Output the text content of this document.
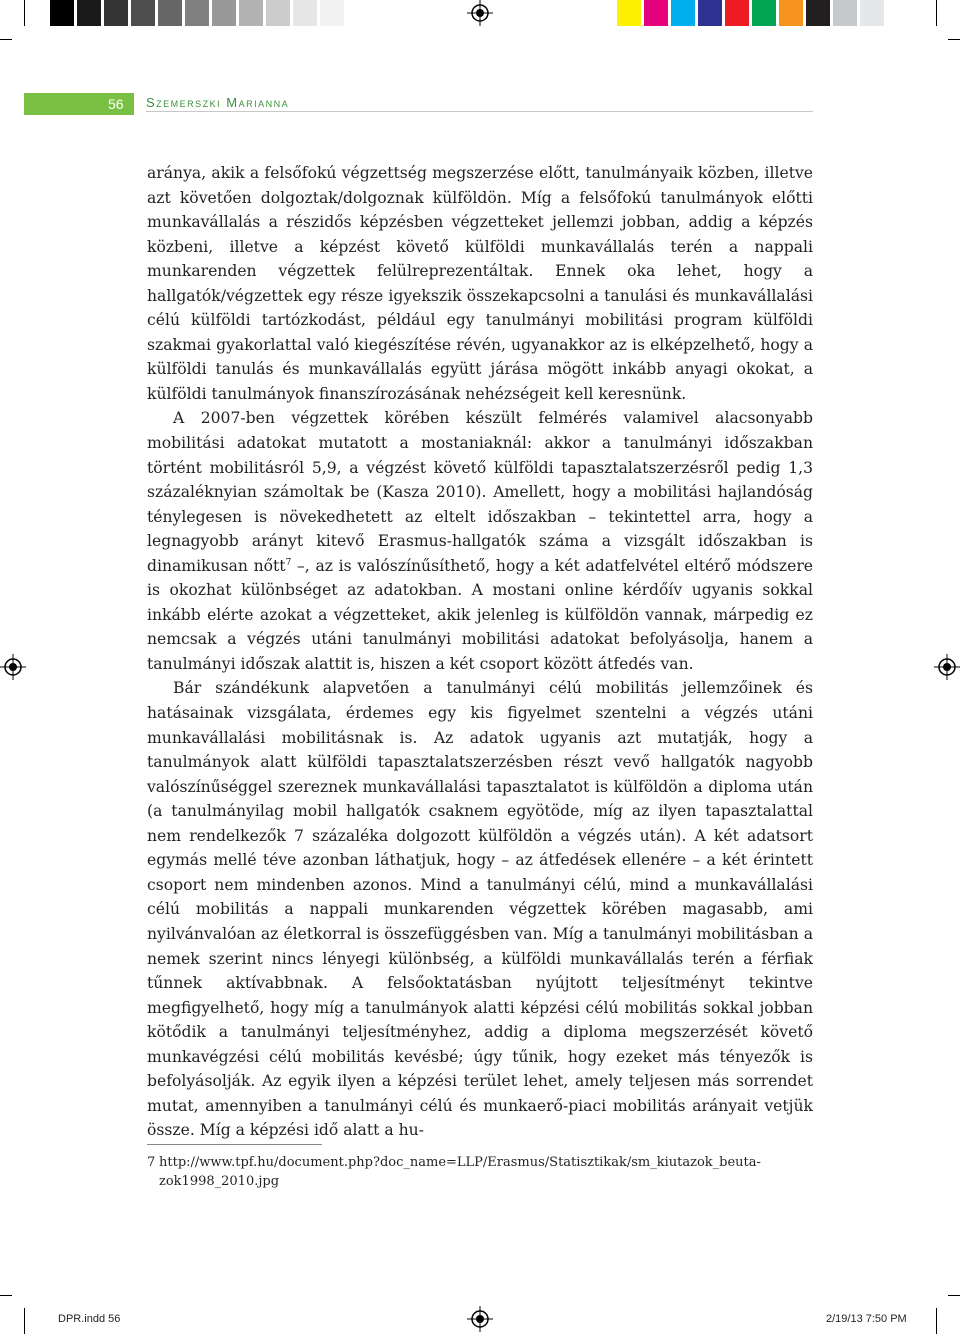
56 Szemerszki Marianna

aránya, akik a felsőfokú végzettség megszerzése előtt, tanulmányaik közben, illetve azt követően dolgoztak/dolgoznak külföldön. Míg a felsőfokú tanulmányok előtti munkavállalás a részidős képzésben végzetteket jellemzi jobban, addig a képzés közbeni, illetve a képzést követő külföldi munkavállalás terén a nappali munkarenden végzettek felülreprezentáltak. Ennek oka lehet, hogy a hallgatók/végzettek egy része igyekszik összekapcsolni a tanulási és munkavállalási célú külföldi tartózkodást, például egy tanulmányi mobilitási program külföldi szakmai gyakorlattal való kiegészítése révén, ugyanakkor az is elképzelhető, hogy a külföldi tanulás és munkavállalás együtt járása mögött inkább anyagi okokat, a külföldi tanulmányok finanszírozásának nehézségeit kell keresnünk.

A 2007-ben végzettek körében készült felmérés valamivel alacsonyabb mobilitási adatokat mutatott a mostaniaknál: akkor a tanulmányi időszakban történt mobilitásról 5,9, a végzést követő külföldi tapasztalatszerzésről pedig 1,3 százaléknyian számoltak be (Kasza 2010). Amellett, hogy a mobilitási hajlandóság ténylegesen is növekedhetett az eltelt időszakban – tekintettel arra, hogy a legnagyobb arányt kitevő Erasmus-hallgatók száma a vizsgált időszakban is dinamikusan nőtt$^7$ –, az is valószínűsíthető, hogy a két adatfelvétel eltérő módszere is okozhat különbséget az adatokban. A mostani online kérdőív ugyanis sokkal inkább elérte azokat a végzetteket, akik jelenleg is külföldön vannak, márpedig ez nemcsak a végzés utáni tanulmányi mobilitási adatokat befolyásolja, hanem a tanulmányi időszak alattit is, hiszen a két csoport között átfedés van.

Bár szándékunk alapvetően a tanulmányi célú mobilitás jellemzőinek és hatásainak vizsgálata, érdemes egy kis figyelmet szentelni a végzés utáni munkavállalási mobilitásnak is. Az adatok ugyanis azt mutatják, hogy a tanulmányok alatt külföldi tapasztalatszerzésben részt vevő hallgatók nagyobb valószínűséggel szereznek munkavállalási tapasztalatot is külföldön a diploma után (a tanulmányilag mobil hallgatók csaknem egyötöde, míg az ilyen tapasztalattal nem rendelkezők 7 százaléka dolgozott külföldön a végzés után). A két adatsort egymás mellé téve azonban láthatjuk, hogy – az átfedések ellenére – a két érintett csoport nem mindenben azonos. Mind a tanulmányi célú, mind a munkavállalási célú mobilitás a nappali munkarenden végzettek körében magasabb, ami nyilvánvalóan az életkorral is összefüggésben van. Míg a tanulmányi mobilitásban a nemek szerint nincs lényegi különbség, a külföldi munkavállalás terén a férfiak tűnnek aktívabbnak. A felsőoktatásban nyújtott teljesítményt tekintve megfigyelhető, hogy míg a tanulmányok alatti képzési célú mobilitás sokkal jobban kötődik a tanulmányi teljesítményhez, addig a diploma megszerzését követő munkavégzési célú mobilitás kevésbé; úgy tűnik, hogy ezeket más tényezők is befolyásolják. Az egyik ilyen a képzési terület lehet, amely teljesen más sorrendet mutat, amennyiben a tanulmányi célú és munkaerő-piaci mobilitás arányait vetjük össze. Míg a képzési idő alatt a hu-

7 http://www.tpf.hu/document.php?doc_name=LLP/Erasmus/Statisztikak/sm_kiutazok_beuta-
zok1998_2010.jpg
DPR.indd 56	2/19/13 7:50 PM
